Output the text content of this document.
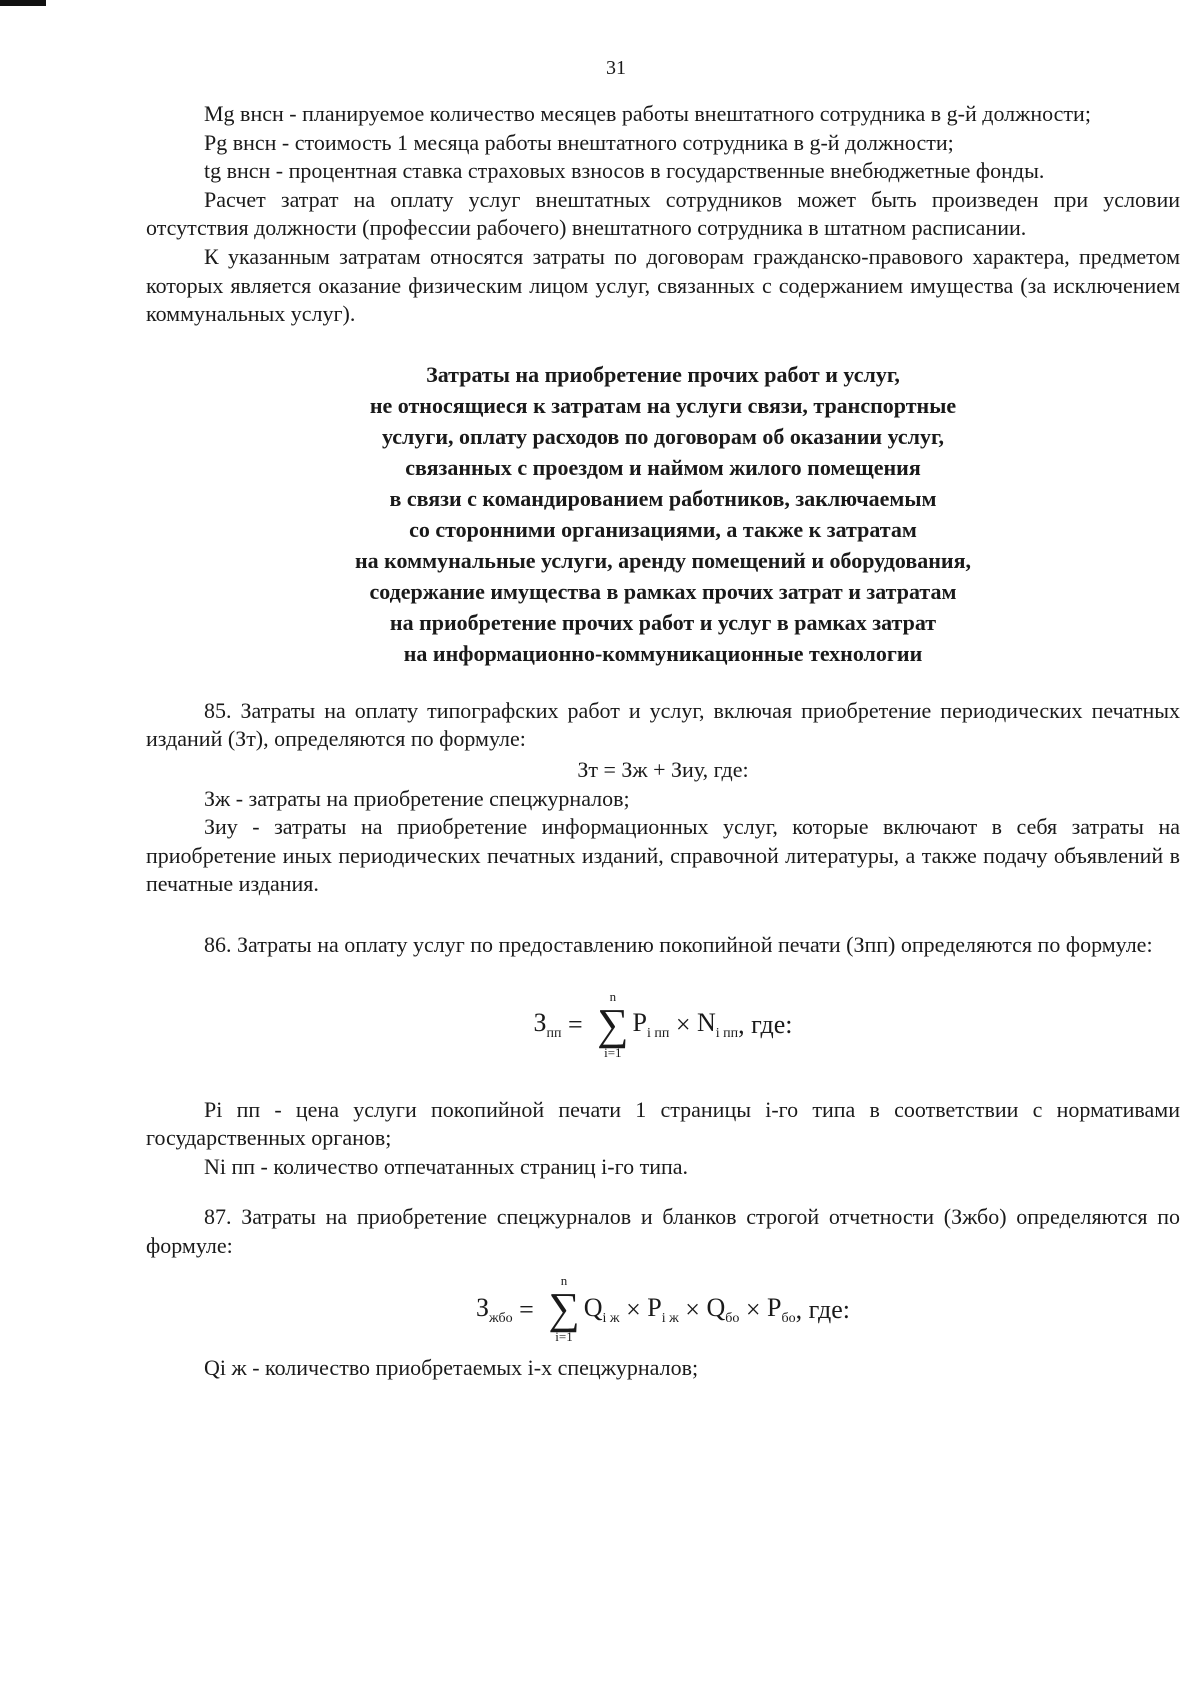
31

Mg внсн - планируемое количество месяцев работы внештатного сотрудника в g-й должности;

Pg внсн - стоимость 1 месяца работы внештатного сотрудника в g-й должности;

tg внсн - процентная ставка страховых взносов в государственные внебюджетные фонды.

Расчет затрат на оплату услуг внештатных сотрудников может быть произведен при условии отсутствия должности (профессии рабочего) внештатного сотрудника в штатном расписании.

К указанным затратам относятся затраты по договорам гражданско-правового характера, предметом которых является оказание физическим лицом услуг, связанных с содержанием имущества (за исключением коммунальных услуг).

Затраты на приобретение прочих работ и услуг,
не относящиеся к затратам на услуги связи, транспортные
услуги, оплату расходов по договорам об оказании услуг,
связанных с проездом и наймом жилого помещения
в связи с командированием работников, заключаемым
со сторонними организациями, а также к затратам
на коммунальные услуги, аренду помещений и оборудования,
содержание имущества в рамках прочих затрат и затратам
на приобретение прочих работ и услуг в рамках затрат
на информационно-коммуникационные технологии

85. Затраты на оплату типографских работ и услуг, включая приобретение периодических печатных изданий (Зт), определяются по формуле:

Зт = Зж + Зиу, где:

Зж - затраты на приобретение спецжурналов;

Зиу - затраты на приобретение информационных услуг, которые включают в себя затраты на приобретение иных периодических печатных изданий, справочной литературы, а также подачу объявлений в печатные издания.

86. Затраты на оплату услуг по предоставлению покопийной печати (Зпп) определяются по формуле:

$З_{пп}$ =
n
∑
i=1
$P_{i пп} \times N_{i пп}$ , где:

Pi пп - цена услуги покопийной печати 1 страницы i-го типа в соответствии с нормативами государственных органов;

Ni пп - количество отпечатанных страниц i-го типа.

87. Затраты на приобретение спецжурналов и бланков строгой отчетности (Зжбо) определяются по формуле:

$З_{жбо}$ =
n
∑
i=1
$Q_{i ж} \times P_{i ж} \times Q_{бо} \times P_{бо}$ , где:

Qi ж - количество приобретаемых i-х спецжурналов;
